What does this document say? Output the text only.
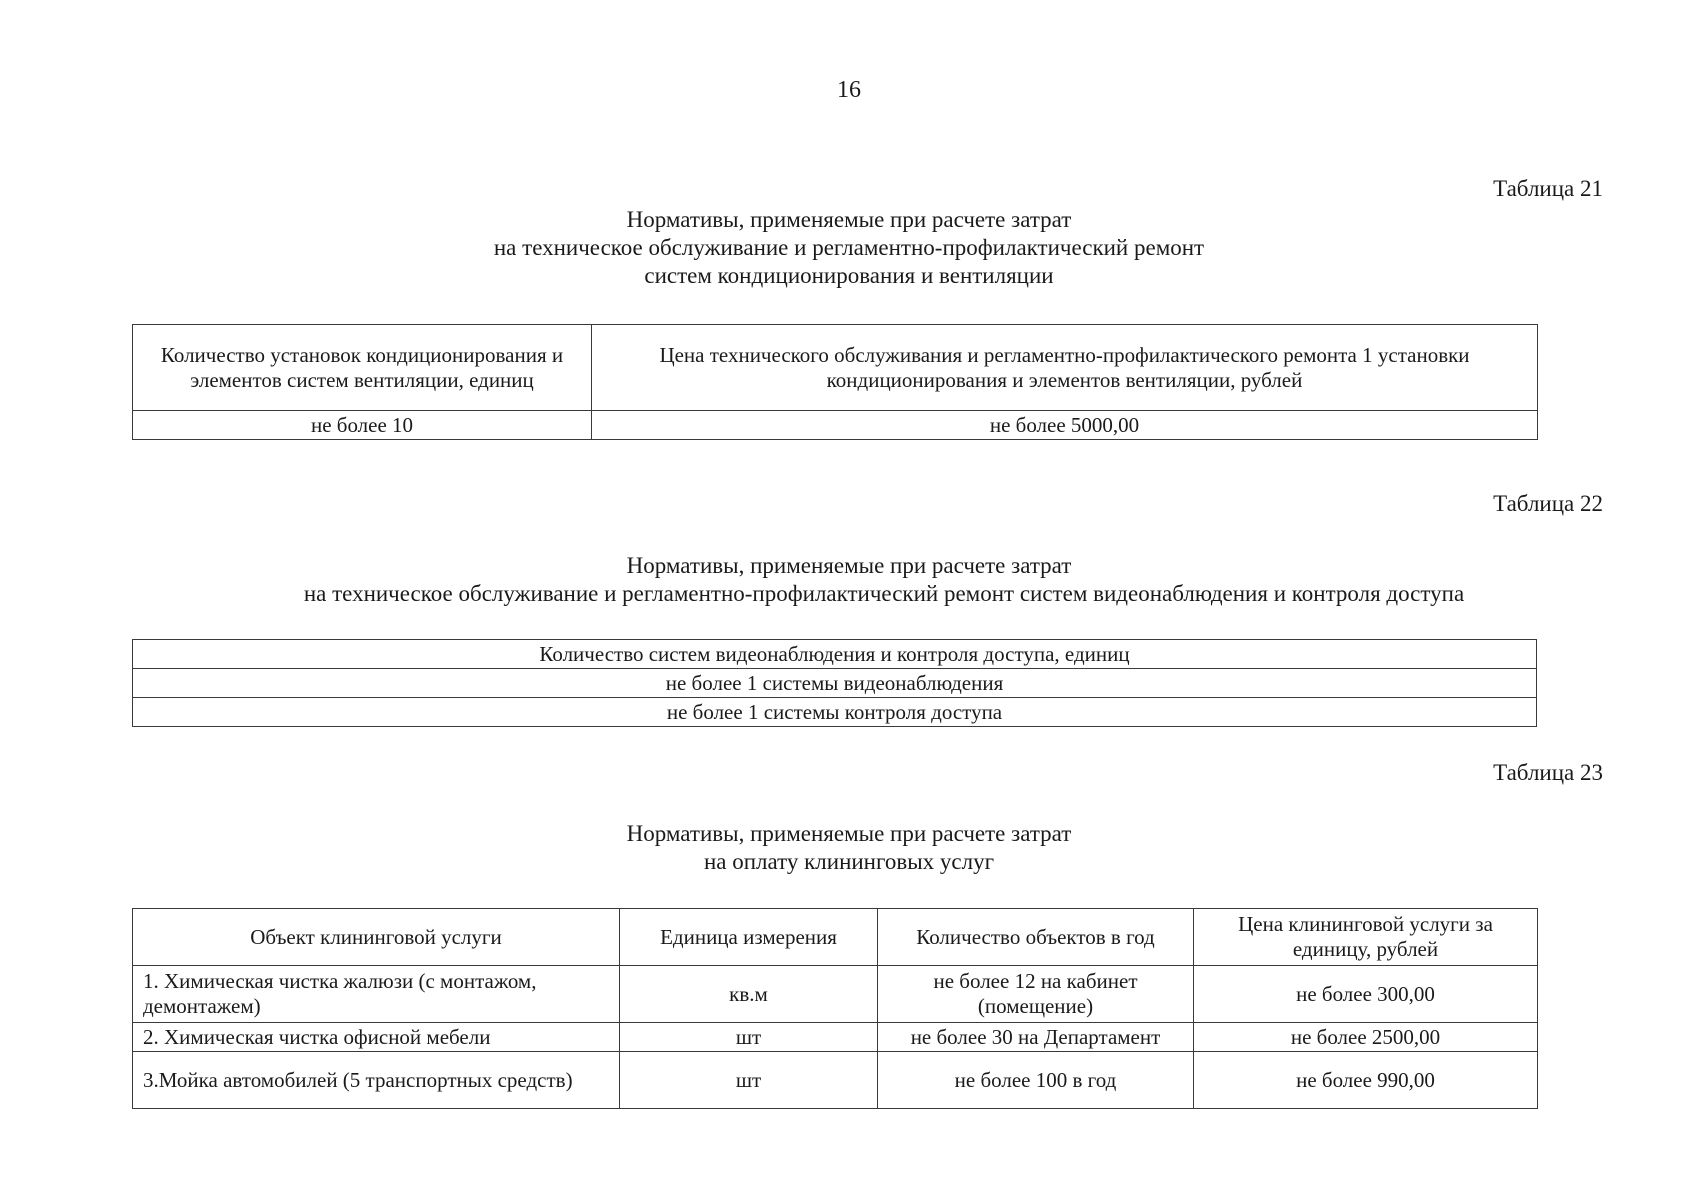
16
Таблица 21
Нормативы, применяемые при расчете затрат
на техническое обслуживание и регламентно-профилактический ремонт
систем кондиционирования и вентиляции
Количество установок кондиционирования и элементов систем вентиляции, единиц	Цена технического обслуживания и регламентно-профилактического ремонта 1 установки кондиционирования и элементов вентиляции, рублей
не более 10	не более 5000,00
Таблица 22
Нормативы, применяемые при расчете затрат
на техническое обслуживание и регламентно-профилактический ремонт систем видеонаблюдения и контроля доступа
Количество систем видеонаблюдения и контроля доступа, единиц
не более 1 системы видеонаблюдения
не более 1 системы контроля доступа
Таблица 23
Нормативы, применяемые при расчете затрат
на оплату клининговых услуг
Объект клининговой услуги	Единица измерения	Количество объектов в год	Цена клининговой услуги за единицу, рублей
1. Химическая чистка жалюзи (с монтажом, демонтажем)	кв.м	не более 12 на кабинет (помещение)	не более 300,00
2. Химическая чистка офисной мебели	шт	не более 30 на Департамент	не более 2500,00
3.Мойка автомобилей (5 транспортных средств)	шт	не более 100 в год	не более 990,00
